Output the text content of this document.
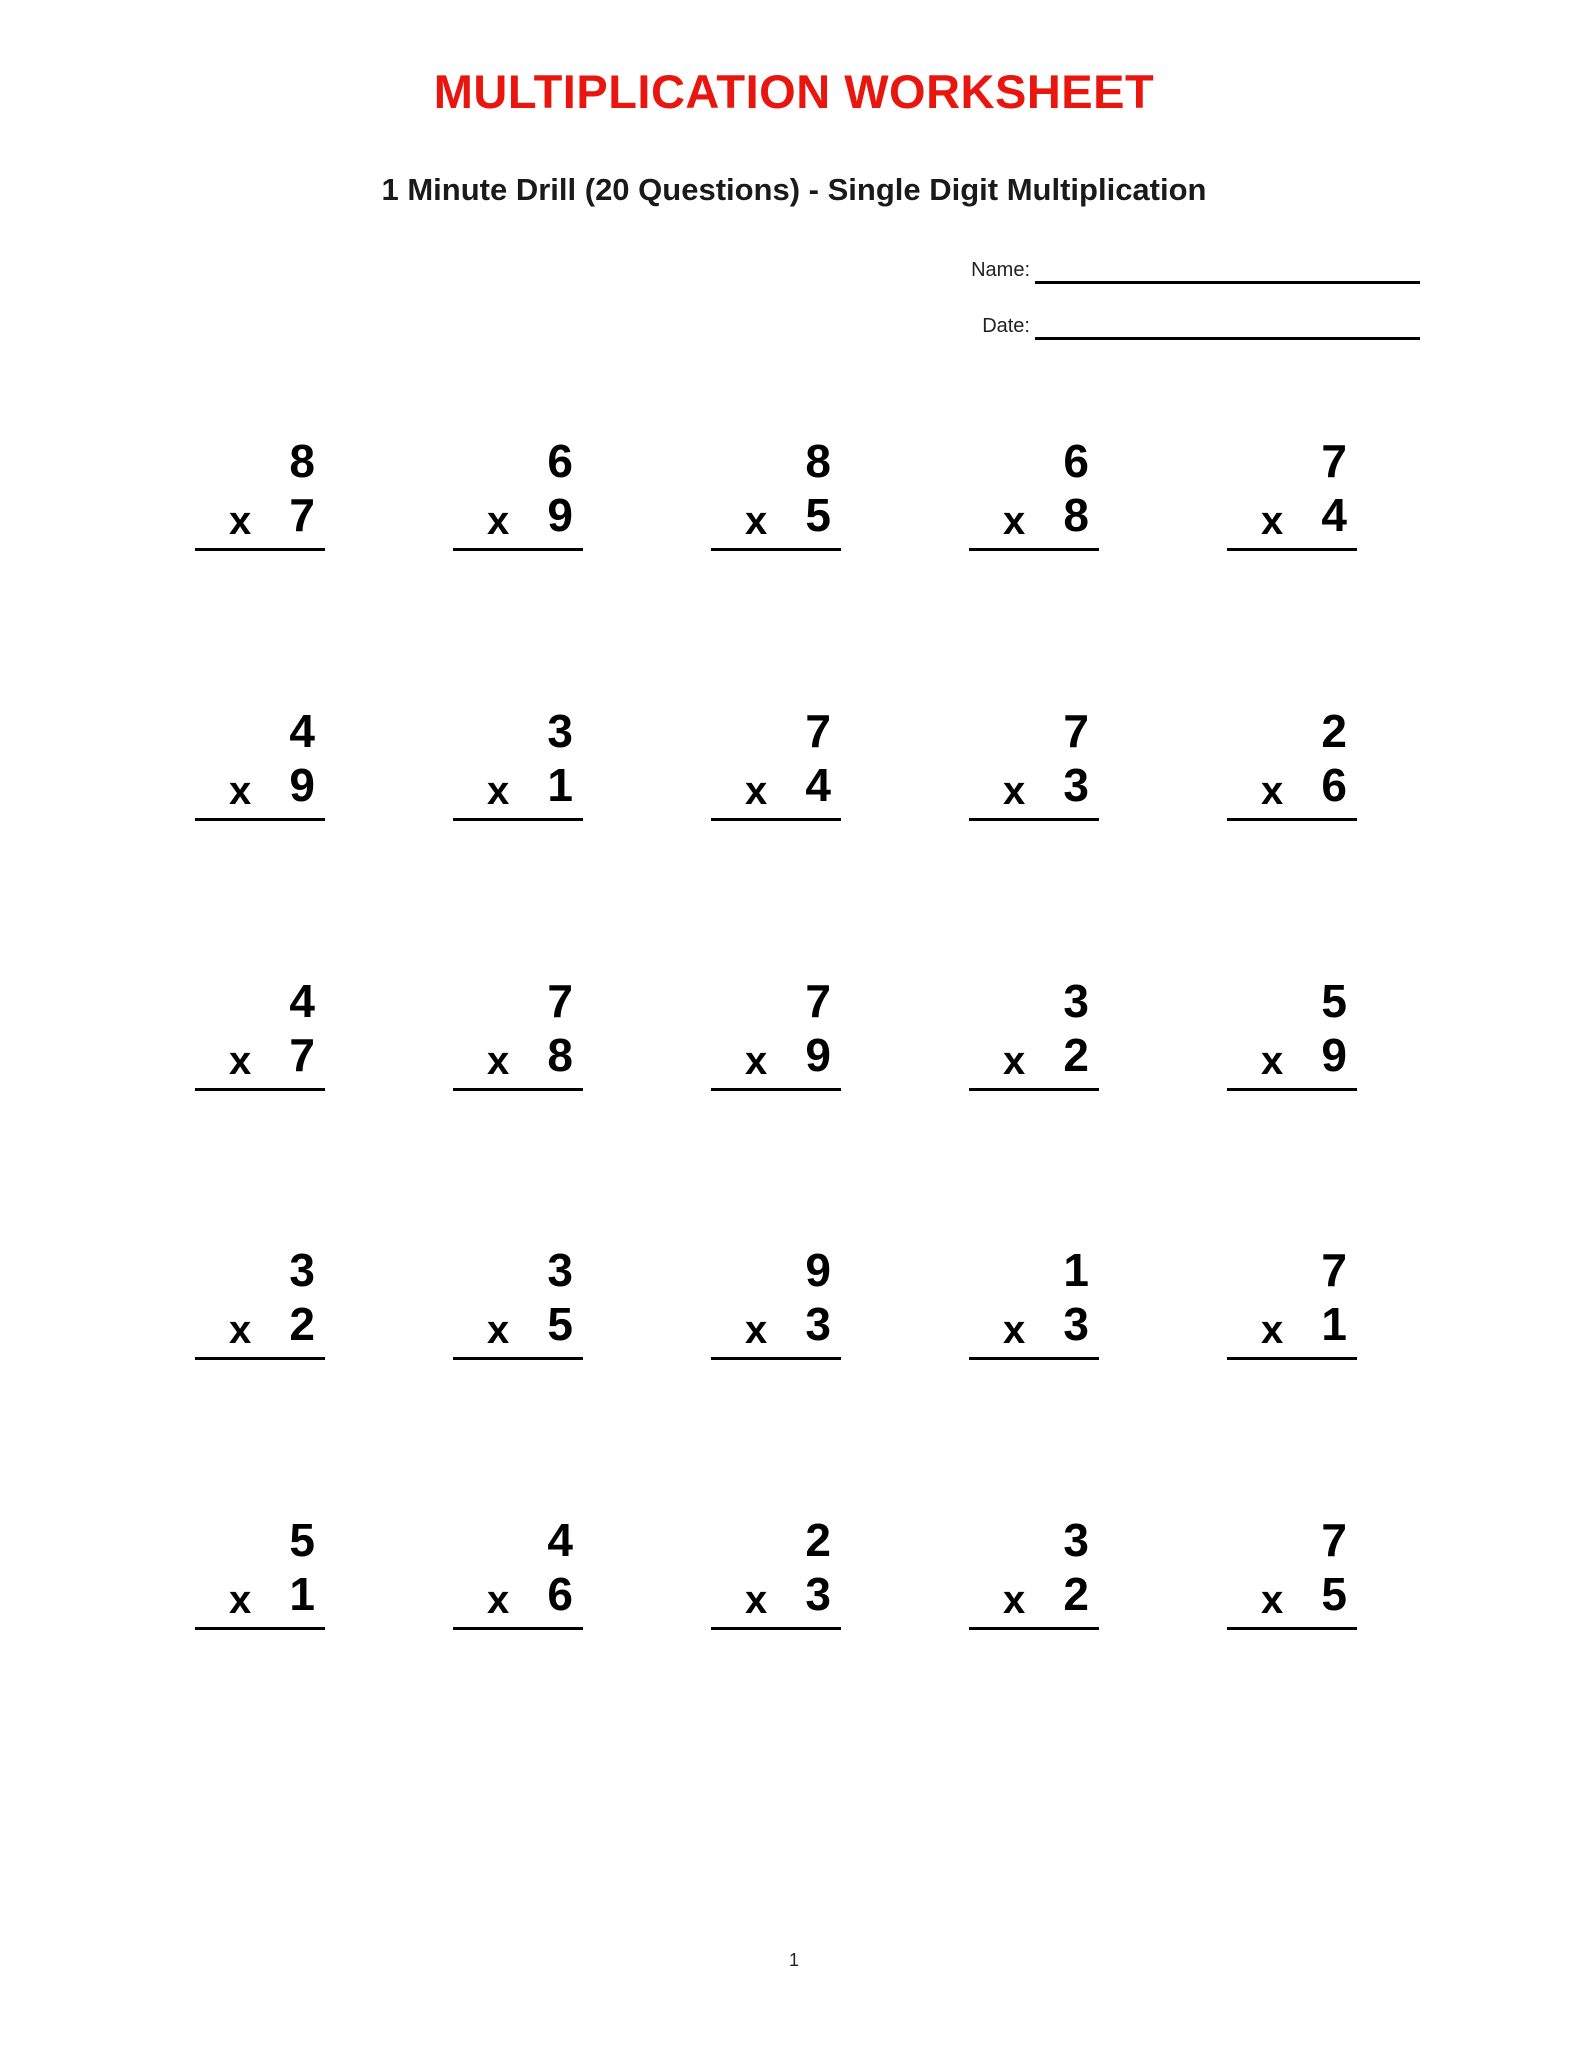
MULTIPLICATION WORKSHEET
1 Minute Drill (20 Questions) - Single Digit Multiplication
Name:
Date:
8
x 7
6
x 9
8
x 5
6
x 8
7
x 4
4
x 9
3
x 1
7
x 4
7
x 3
2
x 6
4
x 7
7
x 8
7
x 9
3
x 2
5
x 9
3
x 2
3
x 5
9
x 3
1
x 3
7
x 1
5
x 1
4
x 6
2
x 3
3
x 2
7
x 5
1
